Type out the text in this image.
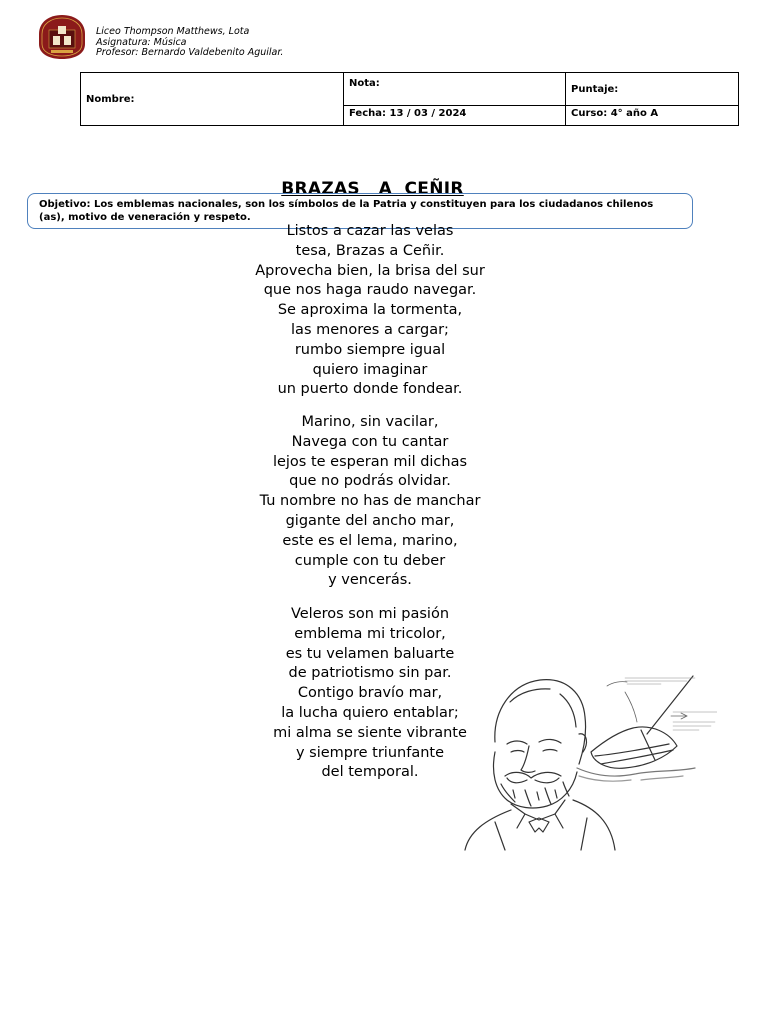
Liceo Thompson Matthews, Lota
Asignatura: Música
Profesor: Bernardo Valdebenito Aguilar.
Nombre:	Nota:	Puntaje:
	Fecha: 13 / 03 / 2024	Curso: 4° año A
BRAZAS   A  CEÑIR
Objetivo: Los emblemas nacionales, son los símbolos de la Patria y constituyen para los ciudadanos chilenos (as), motivo de veneración y respeto.
Listos a cazar las velas
tesa, Brazas a Ceñir.
Aprovecha bien, la brisa del sur
que nos haga raudo navegar.
Se aproxima la tormenta,
las menores a cargar;
rumbo siempre igual
quiero imaginar
un puerto donde fondear.
Marino, sin vacilar,
Navega con tu cantar
lejos te esperan mil dichas
que no podrás olvidar.
Tu nombre no has de manchar
gigante del ancho mar,
este es el lema, marino,
cumple con tu deber
y vencerás.
Veleros son mi pasión
emblema mi tricolor,
es tu velamen baluarte
de patriotismo sin par.
Contigo bravío mar,
la lucha quiero entablar;
mi alma se siente vibrante
y siempre triunfante
del temporal.
